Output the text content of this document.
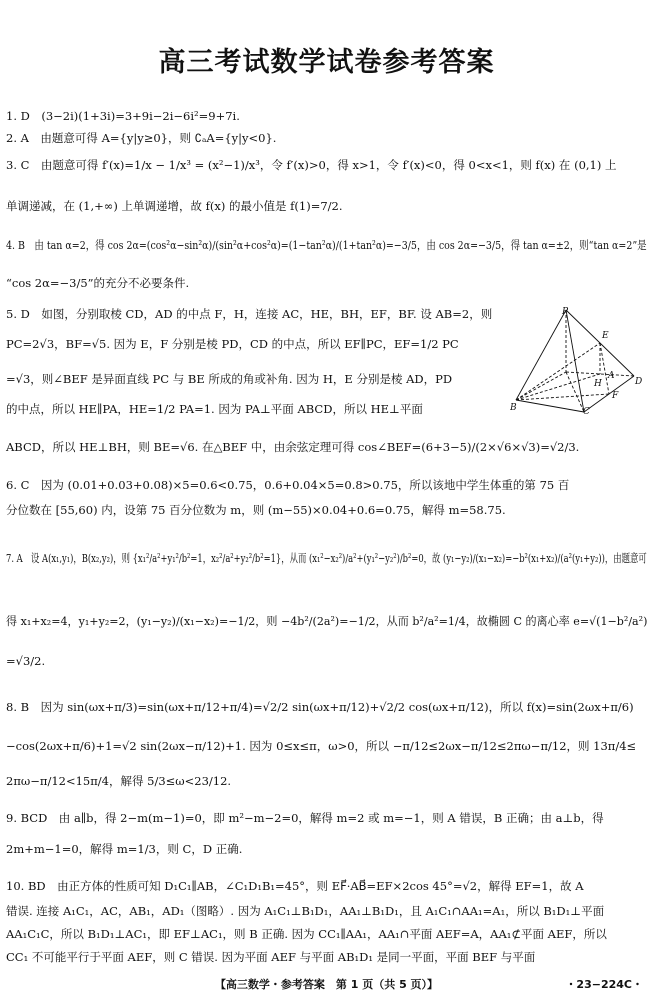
高三考试数学试卷参考答案
1. D　(3−2i)(1+3i)=3+9i−2i−6i²=9+7i.
2. A　由题意可得 A={y|y≥0}，则 ∁ₐA={y|y<0}.
3. C　由题意可得 f′(x)=1/x − 1/x³ = (x²−1)/x³，令 f′(x)>0，得 x>1，令 f′(x)<0，得 0<x<1，则 f(x) 在 (0,1) 上
单调递减，在 (1,+∞) 上单调递增，故 f(x) 的最小值是 f(1)=7/2.
4. B　由 tan α=2，得 cos 2α=(cos²α−sin²α)/(sin²α+cos²α)=(1−tan²α)/(1+tan²α)=−3/5，由 cos 2α=−3/5，得 tan α=±2，则“tan α=2”是
“cos 2α=−3/5”的充分不必要条件.
5. D　如图，分别取棱 CD，AD 的中点 F，H，连接 AC，HE，BH，EF，BF. 设 AB=2，则
PC=2√3，BF=√5. 因为 E，F 分别是棱 PD，CD 的中点，所以 EF∥PC，EF=1/2 PC
=√3，则∠BEF 是异面直线 PC 与 BE 所成的角或补角. 因为 H，E 分别是棱 AD，PD
的中点，所以 HE∥PA，HE=1/2 PA=1. 因为 PA⊥平面 ABCD，所以 HE⊥平面
ABCD，所以 HE⊥BH，则 BE=√6. 在△BEF 中，由余弦定理可得 cos∠BEF=(6+3−5)/(2×√6×√3)=√2/3.
6. C　因为 (0.01+0.03+0.08)×5=0.6<0.75，0.6+0.04×5=0.8>0.75，所以该地中学生体重的第 75 百
分位数在 [55,60) 内，设第 75 百分位数为 m，则 (m−55)×0.04+0.6=0.75，解得 m=58.75.
7. A　设 A(x₁,y₁)，B(x₂,y₂)，则 {x₁²/a²+y₁²/b²=1，x₂²/a²+y₂²/b²=1}，从而 (x₁²−x₂²)/a²+(y₁²−y₂²)/b²=0，故 (y₁−y₂)/(x₁−x₂)=−b²(x₁+x₂)/(a²(y₁+y₂))，由题意可
得 x₁+x₂=4，y₁+y₂=2，(y₁−y₂)/(x₁−x₂)=−1/2，则 −4b²/(2a²)=−1/2，从而 b²/a²=1/4，故椭圆 C 的离心率 e=√(1−b²/a²)
=√3/2.
8. B　因为 sin(ωx+π/3)=sin(ωx+π/12+π/4)=√2/2 sin(ωx+π/12)+√2/2 cos(ωx+π/12)，所以 f(x)=sin(2ωx+π/6)
−cos(2ωx+π/6)+1=√2 sin(2ωx−π/12)+1. 因为 0≤x≤π，ω>0，所以 −π/12≤2ωx−π/12≤2πω−π/12，则 13π/4≤
2πω−π/12<15π/4，解得 5/3≤ω<23/12.
9. BCD　由 a∥b，得 2−m(m−1)=0，即 m²−m−2=0，解得 m=2 或 m=−1，则 A 错误，B 正确；由 a⊥b，得
2m+m−1=0，解得 m=1/3，则 C，D 正确.
10. BD　由正方体的性质可知 D₁C₁∥AB，∠C₁D₁B₁=45°，则 EF⃗·AB⃗=EF×2cos 45°=√2，解得 EF=1，故 A
错误. 连接 A₁C₁，AC，AB₁，AD₁（图略）. 因为 A₁C₁⊥B₁D₁，AA₁⊥B₁D₁，且 A₁C₁∩AA₁=A₁，所以 B₁D₁⊥平面
AA₁C₁C，所以 B₁D₁⊥AC₁，即 EF⊥AC₁，则 B 正确. 因为 CC₁∥AA₁，AA₁∩平面 AEF=A，AA₁⊄平面 AEF，所以
CC₁ 不可能平行于平面 AEF，则 C 错误. 因为平面 AEF 与平面 AB₁D₁ 是同一平面，平面 BEF 与平面
P
E
H
A
D
F
B	C
【高三数学・参考答案　第 1 页（共 5 页）】	・23−224C・
